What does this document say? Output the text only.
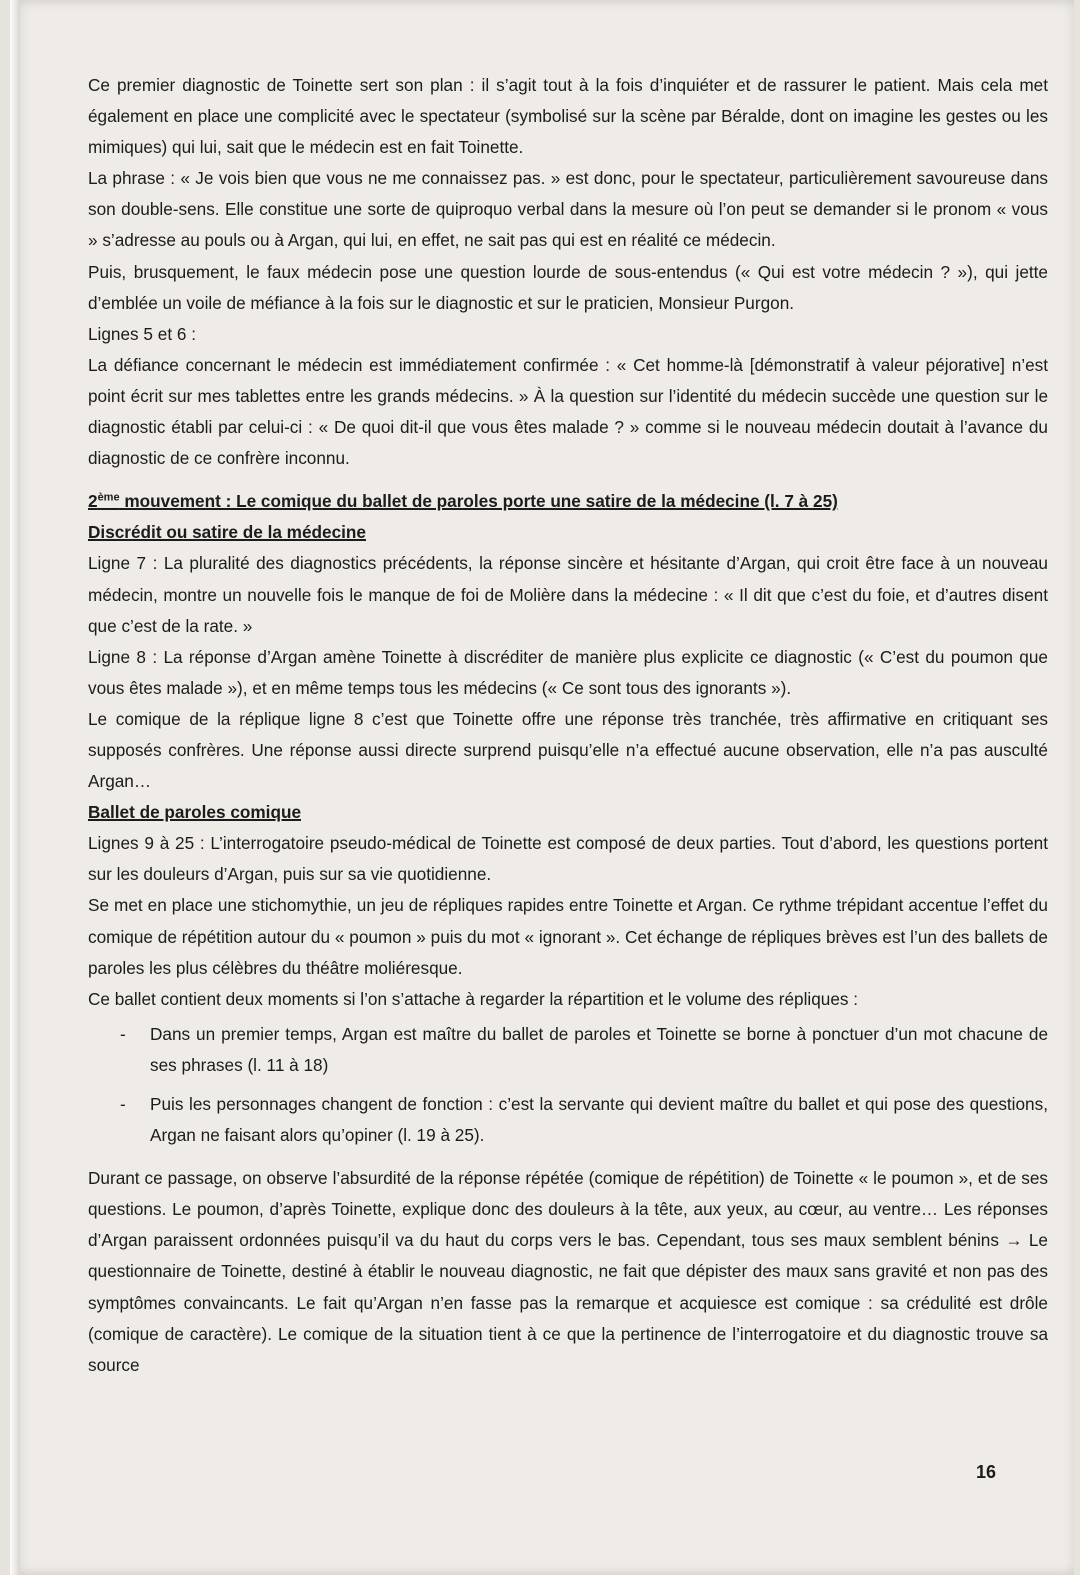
Ce premier diagnostic de Toinette sert son plan : il s’agit tout à la fois d’inquiéter et de rassurer le patient. Mais cela met également en place une complicité avec le spectateur (symbolisé sur la scène par Béralde, dont on imagine les gestes ou les mimiques) qui lui, sait que le médecin est en fait Toinette.

La phrase : « Je vois bien que vous ne me connaissez pas. » est donc, pour le spectateur, particulièrement savoureuse dans son double-sens. Elle constitue une sorte de quiproquo verbal dans la mesure où l’on peut se demander si le pronom « vous » s’adresse au pouls ou à Argan, qui lui, en effet, ne sait pas qui est en réalité ce médecin.

Puis, brusquement, le faux médecin pose une question lourde de sous-entendus (« Qui est votre médecin ? »), qui jette d’emblée un voile de méfiance à la fois sur le diagnostic et sur le praticien, Monsieur Purgon.

Lignes 5 et 6 :

La défiance concernant le médecin est immédiatement confirmée : « Cet homme-là [démonstratif à valeur péjorative] n’est point écrit sur mes tablettes entre les grands médecins. » À la question sur l’identité du médecin succède une question sur le diagnostic établi par celui-ci : « De quoi dit-il que vous êtes malade ? » comme si le nouveau médecin doutait à l’avance du diagnostic de ce confrère inconnu.

2ème mouvement : Le comique du ballet de paroles porte une satire de la médecine (l. 7 à 25)

Discrédit ou satire de la médecine

Ligne 7 : La pluralité des diagnostics précédents, la réponse sincère et hésitante d’Argan, qui croit être face à un nouveau médecin, montre un nouvelle fois le manque de foi de Molière dans la médecine : « Il dit que c’est du foie, et d’autres disent que c’est de la rate. »

Ligne 8 : La réponse d’Argan amène Toinette à discréditer de manière plus explicite ce diagnostic (« C’est du poumon que vous êtes malade »), et en même temps tous les médecins (« Ce sont tous des ignorants »).

Le comique de la réplique ligne 8 c’est que Toinette offre une réponse très tranchée, très affirmative en critiquant ses supposés confrères. Une réponse aussi directe surprend puisqu’elle n’a effectué aucune observation, elle n’a pas ausculté Argan…

Ballet de paroles comique

Lignes 9 à 25 : L’interrogatoire pseudo-médical de Toinette est composé de deux parties. Tout d’abord, les questions portent sur les douleurs d’Argan, puis sur sa vie quotidienne.

Se met en place une stichomythie, un jeu de répliques rapides entre Toinette et Argan. Ce rythme trépidant accentue l’effet du comique de répétition autour du « poumon » puis du mot « ignorant ». Cet échange de répliques brèves est l’un des ballets de paroles les plus célèbres du théâtre moliéresque.

Ce ballet contient deux moments si l’on s’attache à regarder la répartition et le volume des répliques :

- Dans un premier temps, Argan est maître du ballet de paroles et Toinette se borne à ponctuer d’un mot chacune de ses phrases (l. 11 à 18)
- Puis les personnages changent de fonction : c’est la servante qui devient maître du ballet et qui pose des questions, Argan ne faisant alors qu’opiner (l. 19 à 25).

Durant ce passage, on observe l’absurdité de la réponse répétée (comique de répétition) de Toinette « le poumon », et de ses questions. Le poumon, d’après Toinette, explique donc des douleurs à la tête, aux yeux, au cœur, au ventre… Les réponses d’Argan paraissent ordonnées puisqu’il va du haut du corps vers le bas. Cependant, tous ses maux semblent bénins → Le questionnaire de Toinette, destiné à établir le nouveau diagnostic, ne fait que dépister des maux sans gravité et non pas des symptômes convaincants. Le fait qu’Argan n’en fasse pas la remarque et acquiesce est comique : sa crédulité est drôle (comique de caractère). Le comique de la situation tient à ce que la pertinence de l’interrogatoire et du diagnostic trouve sa source

16
